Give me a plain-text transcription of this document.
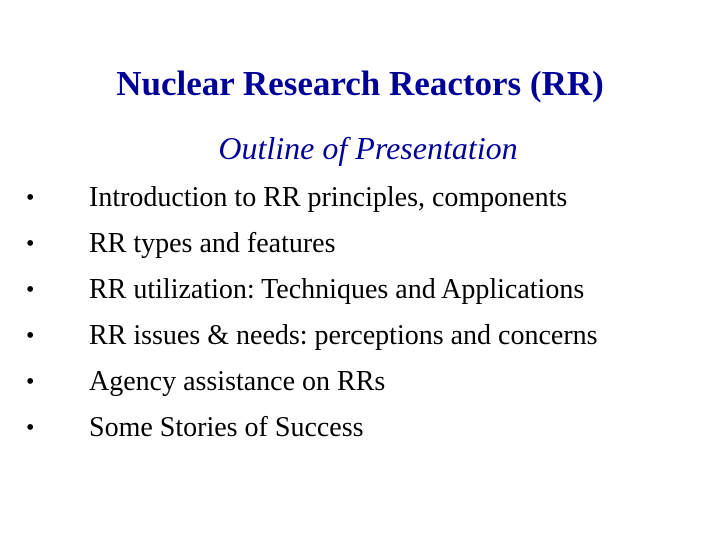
Nuclear Research Reactors (RR)
Outline of Presentation
• Introduction to RR principles, components
• RR types and features
• RR utilization: Techniques and Applications
• RR issues & needs: perceptions and concerns
• Agency assistance on RRs
• Some Stories of Success
